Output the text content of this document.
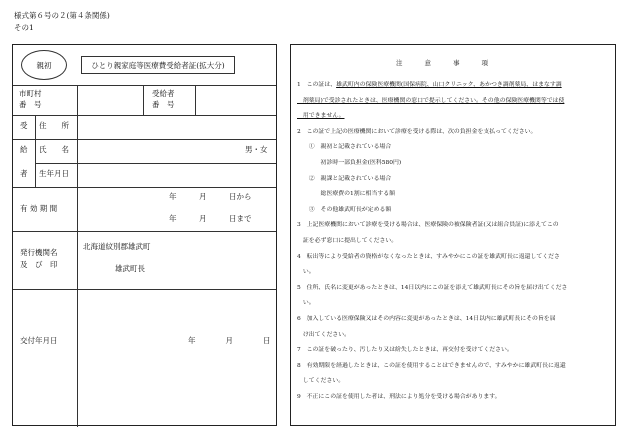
様式第６号の２(第４条関係)
その1
親初	ひとり親家庭等医療費受給者証(拡大分)
市町村
番　号
受給者
番　号
受
給
者
住　　所
氏　　名	男・女
生年月日
有 効 期 間
年　　　月　　　日から
年　　　月　　　日まで
発行機関名
及　び　印
北海道紋別郡雄武町
雄武町長
交付年月日	年　　　　月　　　　日
注意事項
1　この証は、雄武町内の保険医療機関(国保病院、山口クリニック、あかつき調剤薬局、はまなす調
　剤薬局)で受診されたときは、医療機関の窓口で提示してください。その他の保険医療機関等では使
　用できません。
2　この証で上記の医療機関において診療を受ける際は、次の負担金を支払ってください。
　　①　親初と記載されている場合
　　　　初診時一部負担金(医科580円)
　　②　親課と記載されている場合
　　　　総医療費の1割に相当する額
　　③　その他雄武町長が定める額
3　上記医療機関において診療を受ける場合は、医療保険の被保険者証(又は組合員証)に添えてこの
　証を必ず窓口に提出してください。
4　転出等により受給者の資格がなくなったときは、すみやかにこの証を雄武町長に返還してくださ
　い。
5　住所、氏名に変更があったときは、14日以内にこの証を添えて雄武町長にその旨を届け出てくださ
　い。
6　加入している医療保険又はその内容に変更があったときは、14日以内に雄武町長にその旨を届
　け出てください。
7　この証を破ったり、汚したり又は紛失したときは、再交付を受けてください。
8　有効期限を経過したときは、この証を使用することはできませんので、すみやかに雄武町長に返還
　してください。
9　不正にこの証を使用した者は、刑法により処分を受ける場合があります。
